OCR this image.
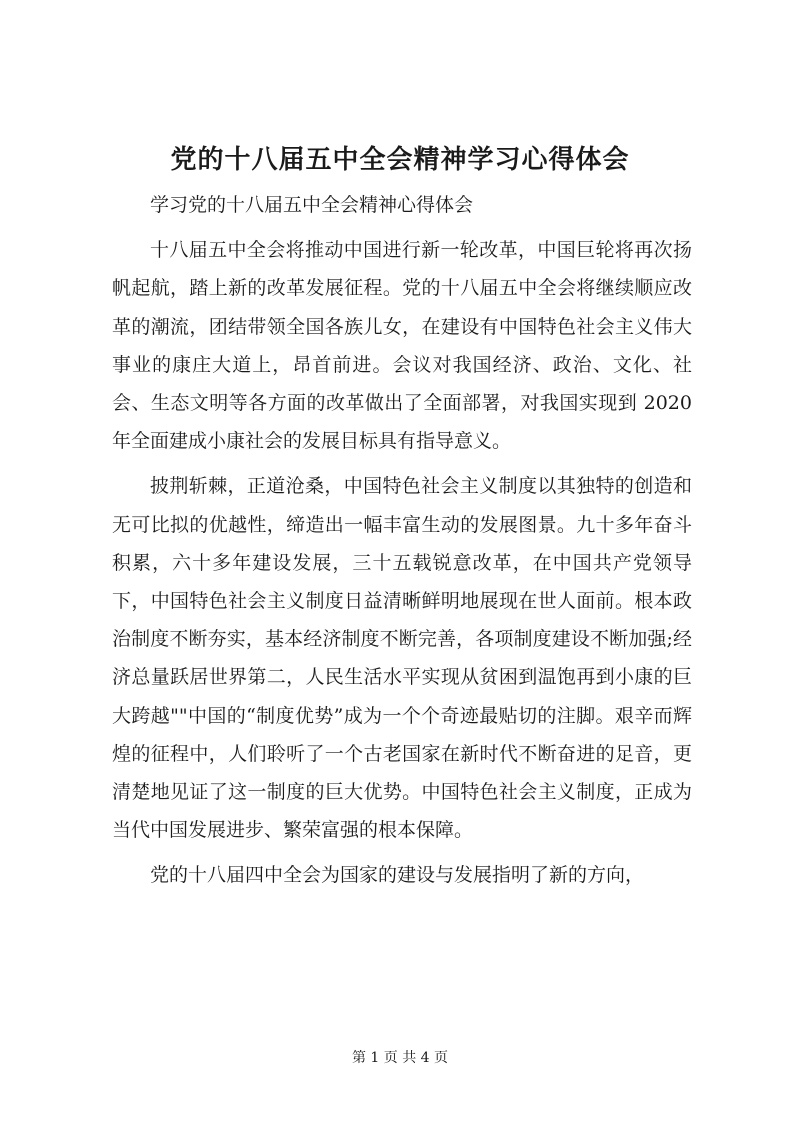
党的十八届五中全会精神学习心得体会

学习党的十八届五中全会精神心得体会

十八届五中全会将推动中国进行新一轮改革，中国巨轮将再次扬帆起航，踏上新的改革发展征程。党的十八届五中全会将继续顺应改革的潮流，团结带领全国各族儿女，在建设有中国特色社会主义伟大事业的康庄大道上，昂首前进。会议对我国经济、政治、文化、社会、生态文明等各方面的改革做出了全面部署，对我国实现到 2020 年全面建成小康社会的发展目标具有指导意义。

披荆斩棘，正道沧桑，中国特色社会主义制度以其独特的创造和无可比拟的优越性，缔造出一幅丰富生动的发展图景。九十多年奋斗积累，六十多年建设发展，三十五载锐意改革，在中国共产党领导下，中国特色社会主义制度日益清晰鲜明地展现在世人面前。根本政治制度不断夯实，基本经济制度不断完善，各项制度建设不断加强;经济总量跃居世界第二，人民生活水平实现从贫困到温饱再到小康的巨大跨越""中国的“制度优势”成为一个个奇迹最贴切的注脚。艰辛而辉煌的征程中，人们聆听了一个古老国家在新时代不断奋进的足音，更清楚地见证了这一制度的巨大优势。中国特色社会主义制度，正成为当代中国发展进步、繁荣富强的根本保障。

党的十八届四中全会为国家的建设与发展指明了新的方向，

第 1 页 共 4 页
